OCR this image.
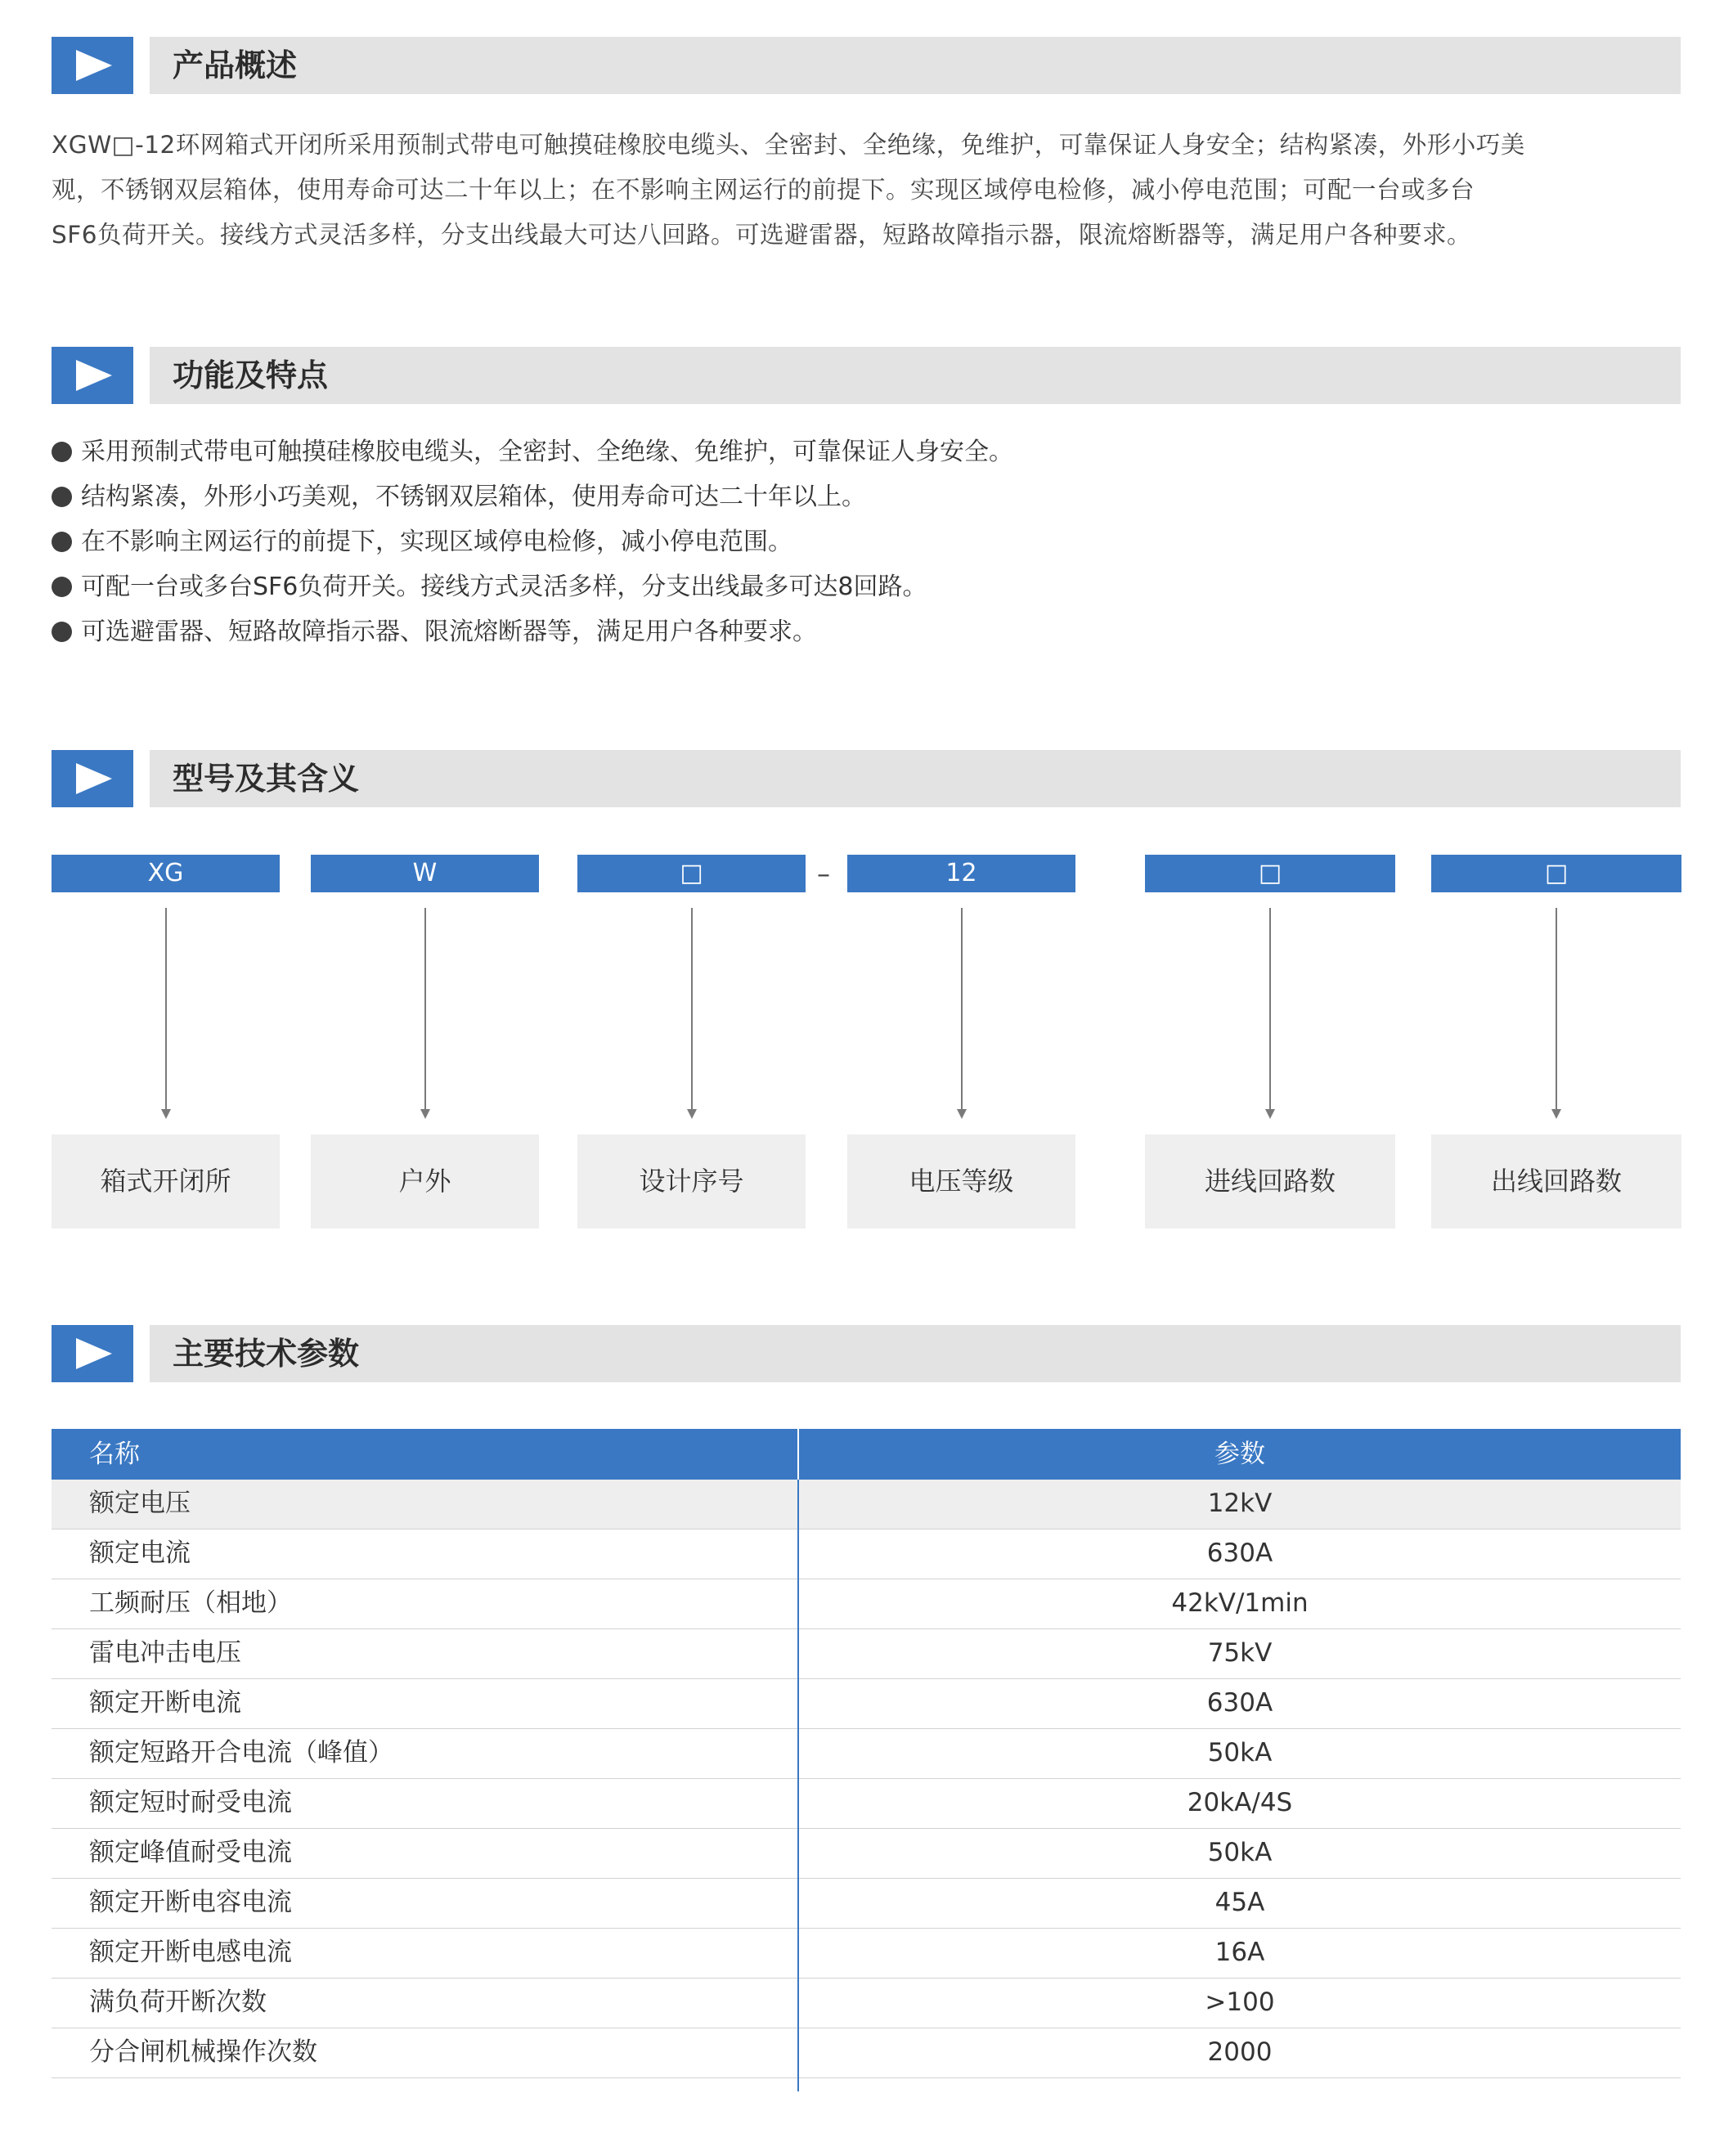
产品概述
XGW□-12环网箱式开闭所采用预制式带电可触摸硅橡胶电缆头、全密封、全绝缘，免维护，可靠保证人身安全；结构紧凑，外形小巧美
观，不锈钢双层箱体，使用寿命可达二十年以上；在不影响主网运行的前提下。实现区域停电检修，减小停电范围；可配一台或多台
SF6负荷开关。接线方式灵活多样，分支出线最大可达八回路。可选避雷器，短路故障指示器，限流熔断器等，满足用户各种要求。
功能及特点
采用预制式带电可触摸硅橡胶电缆头，全密封、全绝缘、免维护，可靠保证人身安全。
结构紧凑，外形小巧美观，不锈钢双层箱体，使用寿命可达二十年以上。
在不影响主网运行的前提下，实现区域停电检修，减小停电范围。
可配一台或多台SF6负荷开关。接线方式灵活多样，分支出线最多可达8回路。
可选避雷器、短路故障指示器、限流熔断器等，满足用户各种要求。
型号及其含义
XG	W	□	–	12	□	□
箱式开闭所	户外	设计序号	电压等级	进线回路数	出线回路数
主要技术参数
名称	参数
额定电压	12kV
额定电流	630A
工频耐压（相地）	42kV/1min
雷电冲击电压	75kV
额定开断电流	630A
额定短路开合电流（峰值）	50kA
额定短时耐受电流	20kA/4S
额定峰值耐受电流	50kA
额定开断电容电流	45A
额定开断电感电流	16A
满负荷开断次数	>100
分合闸机械操作次数	2000
